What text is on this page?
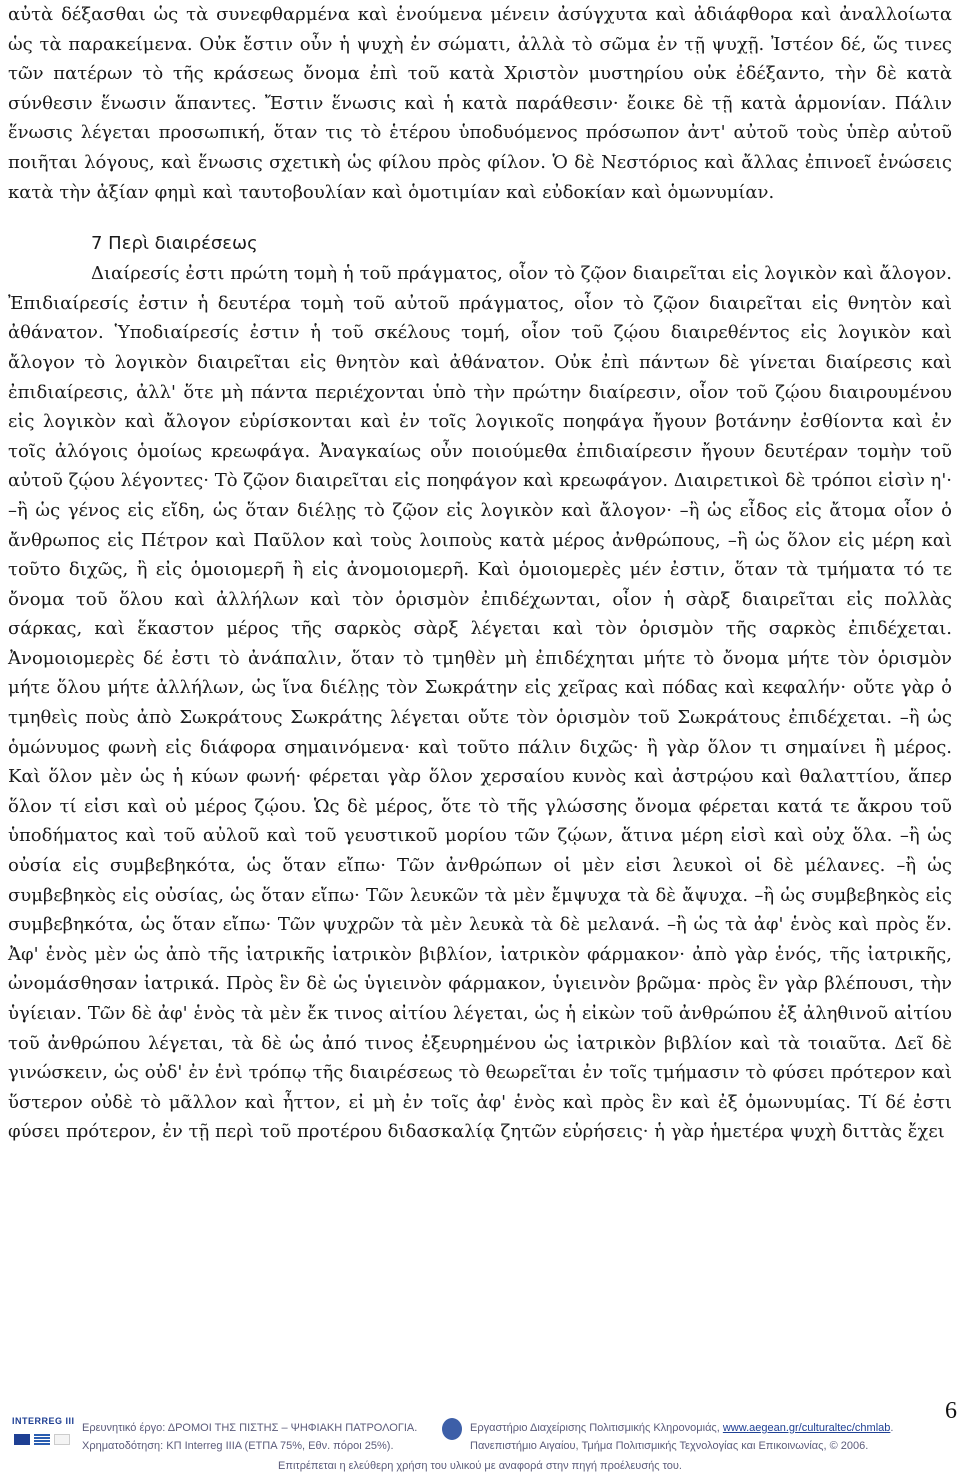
αὐτὰ δέξασθαι ὡς τὰ συνεφθαρμένα καὶ ἑνούμενα μένειν ἀσύγχυτα καὶ ἀδιάφθορα καὶ ἀναλλοίωτα ὡς τὰ παρακείμενα. Οὐκ ἔστιν οὖν ἡ ψυχὴ ἐν σώματι, ἀλλὰ τὸ σῶμα ἐν τῇ ψυχῇ. Ἰστέον δέ, ὥς τινες τῶν πατέρων τὸ τῆς κράσεως ὄνομα ἐπὶ τοῦ κατὰ Χριστὸν μυστηρίου οὐκ ἐδέξαντο, τὴν δὲ κατὰ σύνθεσιν ἕνωσιν ἅπαντες. Ἔστιν ἕνωσις καὶ ἡ κατὰ παράθεσιν· ἔοικε δὲ τῇ κατὰ ἁρμονίαν. Πάλιν ἕνωσις λέγεται προσωπική, ὅταν τις τὸ ἑτέρου ὑποδυόμενος πρόσωπον ἀντ' αὐτοῦ τοὺς ὑπὲρ αὐτοῦ ποιῆται λόγους, καὶ ἕνωσις σχετικὴ ὡς φίλου πρὸς φίλον. Ὁ δὲ Νεστόριος καὶ ἄλλας ἐπινοεῖ ἑνώσεις κατὰ τὴν ἀξίαν φημὶ καὶ ταυτοβουλίαν καὶ ὁμοτιμίαν καὶ εὐδοκίαν καὶ ὁμωνυμίαν.

7 Περὶ διαιρέσεως

Διαίρεσίς ἐστι πρώτη τομὴ ἡ τοῦ πράγματος, οἷον τὸ ζῷον διαιρεῖται εἰς λογικὸν καὶ ἄλογον. Ἐπιδιαίρεσίς ἐστιν ἡ δευτέρα τομὴ τοῦ αὐτοῦ πράγματος, οἷον τὸ ζῷον διαιρεῖται εἰς θνητὸν καὶ ἀθάνατον. Ὑποδιαίρεσίς ἐστιν ἡ τοῦ σκέλους τομή, οἷον τοῦ ζῴου διαιρεθέντος εἰς λογικὸν καὶ ἄλογον τὸ λογικὸν διαιρεῖται εἰς θνητὸν καὶ ἀθάνατον. Οὐκ ἐπὶ πάντων δὲ γίνεται διαίρεσις καὶ ἐπιδιαίρεσις, ἀλλ' ὅτε μὴ πάντα περιέχονται ὑπὸ τὴν πρώτην διαίρεσιν, οἷον τοῦ ζῴου διαιρουμένου εἰς λογικὸν καὶ ἄλογον εὑρίσκονται καὶ ἐν τοῖς λογικοῖς ποηφάγα ἤγουν βοτάνην ἐσθίοντα καὶ ἐν τοῖς ἀλόγοις ὁμοίως κρεωφάγα. Ἀναγκαίως οὖν ποιούμεθα ἐπιδιαίρεσιν ἤγουν δευτέραν τομὴν τοῦ αὐτοῦ ζῴου λέγοντες· Τὸ ζῷον διαιρεῖται εἰς ποηφάγον καὶ κρεωφάγον. Διαιρετικοὶ δὲ τρόποι εἰσὶν η'· –ἢ ὡς γένος εἰς εἴδη, ὡς ὅταν διέλῃς τὸ ζῷον εἰς λογικὸν καὶ ἄλογον· –ἢ ὡς εἶδος εἰς ἄτομα οἷον ὁ ἄνθρωπος εἰς Πέτρον καὶ Παῦλον καὶ τοὺς λοιποὺς κατὰ μέρος ἀνθρώπους, –ἢ ὡς ὅλον εἰς μέρη καὶ τοῦτο διχῶς, ἢ εἰς ὁμοιομερῆ ἢ εἰς ἀνομοιομερῆ. Καὶ ὁμοιομερὲς μέν ἐστιν, ὅταν τὰ τμήματα τό τε ὄνομα τοῦ ὅλου καὶ ἀλλήλων καὶ τὸν ὁρισμὸν ἐπιδέχωνται, οἷον ἡ σὰρξ διαιρεῖται εἰς πολλὰς σάρκας, καὶ ἕκαστον μέρος τῆς σαρκὸς σὰρξ λέγεται καὶ τὸν ὁρισμὸν τῆς σαρκὸς ἐπιδέχεται. Ἀνομοιομερὲς δέ ἐστι τὸ ἀνάπαλιν, ὅταν τὸ τμηθὲν μὴ ἐπιδέχηται μήτε τὸ ὄνομα μήτε τὸν ὁρισμὸν μήτε ὅλου μήτε ἀλλήλων, ὡς ἵνα διέλῃς τὸν Σωκράτην εἰς χεῖρας καὶ πόδας καὶ κεφαλήν· οὔτε γὰρ ὁ τμηθεὶς ποὺς ἀπὸ Σωκράτους Σωκράτης λέγεται οὔτε τὸν ὁρισμὸν τοῦ Σωκράτους ἐπιδέχεται. –ἢ ὡς ὁμώνυμος φωνὴ εἰς διάφορα σημαινόμενα· καὶ τοῦτο πάλιν διχῶς· ἢ γὰρ ὅλον τι σημαίνει ἢ μέρος. Καὶ ὅλον μὲν ὡς ἡ κύων φωνή· φέρεται γὰρ ὅλον χερσαίου κυνὸς καὶ ἀστρῴου καὶ θαλαττίου, ἅπερ ὅλον τί εἰσι καὶ οὐ μέρος ζῴου. Ὡς δὲ μέρος, ὅτε τὸ τῆς γλώσσης ὄνομα φέρεται κατά τε ἄκρου τοῦ ὑποδήματος καὶ τοῦ αὐλοῦ καὶ τοῦ γευστικοῦ μορίου τῶν ζῴων, ἅτινα μέρη εἰσὶ καὶ οὐχ ὅλα. –ἢ ὡς οὐσία εἰς συμβεβηκότα, ὡς ὅταν εἴπω· Τῶν ἀνθρώπων οἱ μὲν εἰσι λευκοὶ οἱ δὲ μέλανες. –ἢ ὡς συμβεβηκὸς εἰς οὐσίας, ὡς ὅταν εἴπω· Τῶν λευκῶν τὰ μὲν ἔμψυχα τὰ δὲ ἄψυχα. –ἢ ὡς συμβεβηκὸς εἰς συμβεβηκότα, ὡς ὅταν εἴπω· Τῶν ψυχρῶν τὰ μὲν λευκὰ τὰ δὲ μελανά. –ἢ ὡς τὰ ἀφ' ἑνὸς καὶ πρὸς ἕν. Ἀφ' ἑνὸς μὲν ὡς ἀπὸ τῆς ἰατρικῆς ἰατρικὸν βιβλίον, ἰατρικὸν φάρμακον· ἀπὸ γὰρ ἑνός, τῆς ἰατρικῆς, ὠνομάσθησαν ἰατρικά. Πρὸς ἓν δὲ ὡς ὑγιεινὸν φάρμακον, ὑγιεινὸν βρῶμα· πρὸς ἓν γὰρ βλέπουσι, τὴν ὑγίειαν. Τῶν δὲ ἀφ' ἑνὸς τὰ μὲν ἔκ τινος αἰτίου λέγεται, ὡς ἡ εἰκὼν τοῦ ἀνθρώπου ἐξ ἀληθινοῦ αἰτίου τοῦ ἀνθρώπου λέγεται, τὰ δὲ ὡς ἀπό τινος ἐξευρημένου ὡς ἰατρικὸν βιβλίον καὶ τὰ τοιαῦτα. Δεῖ δὲ γινώσκειν, ὡς οὐδ' ἐν ἑνὶ τρόπῳ τῆς διαιρέσεως τὸ θεωρεῖται ἐν τοῖς τμήμασιν τὸ φύσει πρότερον καὶ ὕστερον οὐδὲ τὸ μᾶλλον καὶ ἧττον, εἰ μὴ ἐν τοῖς ἀφ' ἑνὸς καὶ πρὸς ἓν καὶ ἐξ ὁμωνυμίας. Τί δέ ἐστι φύσει πρότερον, ἐν τῇ περὶ τοῦ προτέρου διδασκαλίᾳ ζητῶν εὑρήσεις· ἡ γὰρ ἡμετέρα ψυχὴ διττὰς ἔχει

6
INTERREG III
Ερευνητικό έργο: ΔΡΟΜΟΙ ΤΗΣ ΠΙΣΤΗΣ – ΨΗΦΙΑΚΗ ΠΑΤΡΟΛΟΓΙΑ.
Χρηματοδότηση: ΚΠ Interreg IIIA (ΕΤΠΑ 75%, Εθν. πόροι 25%).
Εργαστήριο Διαχείρισης Πολιτισμικής Κληρονομιάς, www.aegean.gr/culturaltec/chmlab.
Πανεπιστήμιο Αιγαίου, Τμήμα Πολιτισμικής Τεχνολογίας και Επικοινωνίας, © 2006.
Επιτρέπεται η ελεύθερη χρήση του υλικού με αναφορά στην πηγή προέλευσής του.
